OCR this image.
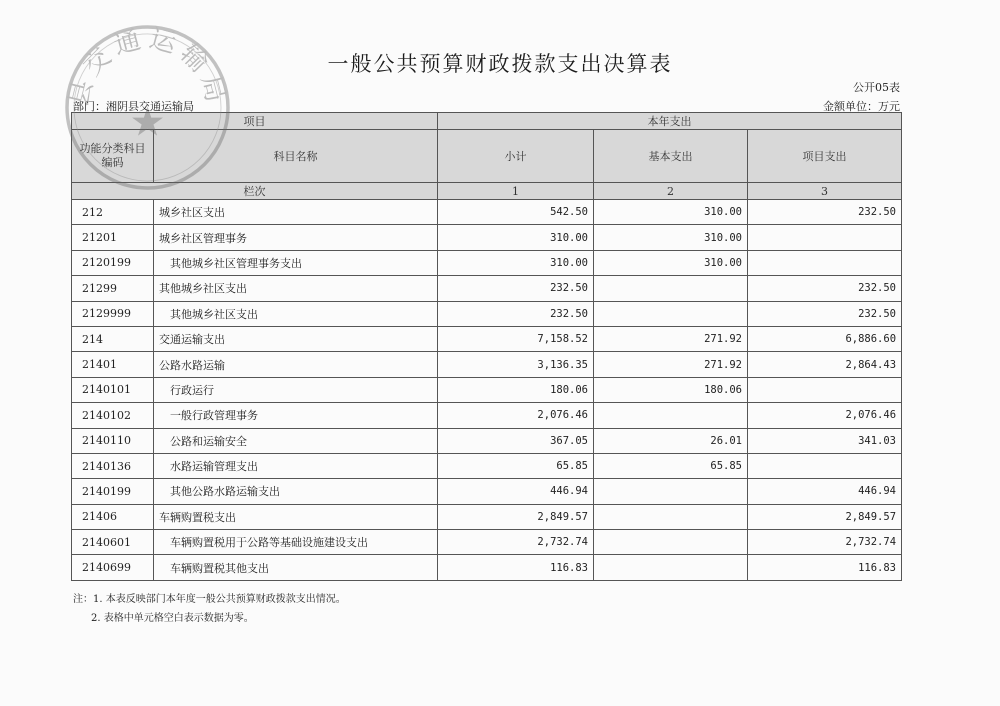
一般公共预算财政拨款支出决算表
公开05表
部门：湘阴县交通运输局	金额单位：万元
项目		本年支出		
功能分类科目编码	科目名称	小计	基本支出	项目支出
栏次		1	2	3
212	城乡社区支出	542.50	310.00	232.50
21201	城乡社区管理事务	310.00	310.00	
2120199	其他城乡社区管理事务支出	310.00	310.00	
21299	其他城乡社区支出	232.50		232.50
2129999	其他城乡社区支出	232.50		232.50
214	交通运输支出	7,158.52	271.92	6,886.60
21401	公路水路运输	3,136.35	271.92	2,864.43
2140101	行政运行	180.06	180.06	
2140102	一般行政管理事务	2,076.46		2,076.46
2140110	公路和运输安全	367.05	26.01	341.03
2140136	水路运输管理支出	65.85	65.85	
2140199	其他公路水路运输支出	446.94		446.94
21406	车辆购置税支出	2,849.57		2,849.57
2140601	车辆购置税用于公路等基础设施建设支出	2,732.74		2,732.74
2140699	车辆购置税其他支出	116.83		116.83
注：1. 本表反映部门本年度一般公共预算财政拨款支出情况。
2. 表格中单元格空白表示数据为零。
县交通运输局
★
